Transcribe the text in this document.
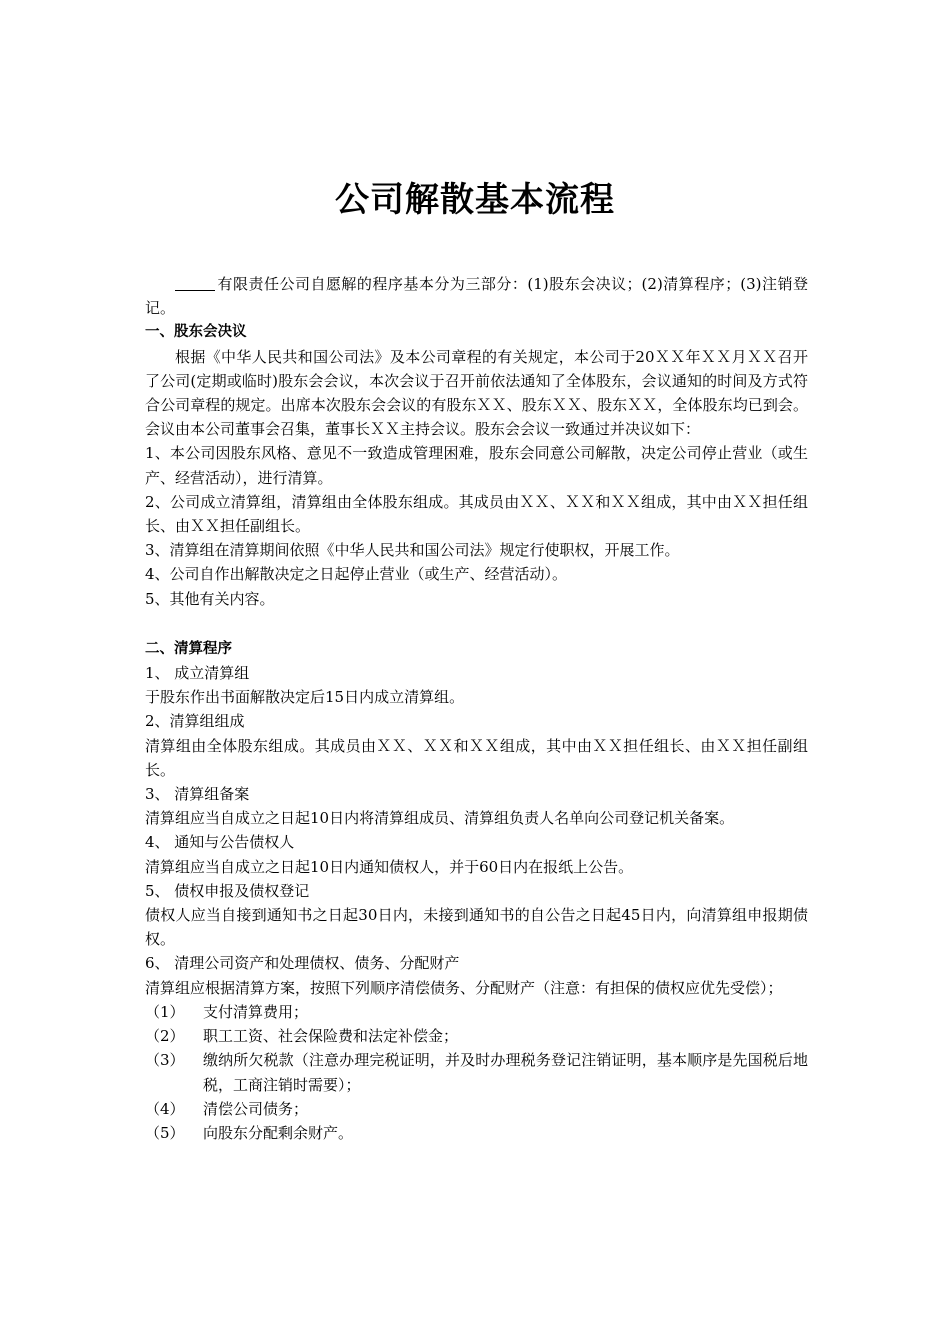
公司解散基本流程

有限责任公司自愿解的程序基本分为三部分：(1)股东会决议；(2)清算程序；(3)注销登记。

一、股东会决议

根据《中华人民共和国公司法》及本公司章程的有关规定，本公司于20ＸＸ年ＸＸ月ＸＸ召开了公司(定期或临时)股东会会议，本次会议于召开前依法通知了全体股东，会议通知的时间及方式符合公司章程的规定。出席本次股东会会议的有股东ＸＸ、股东ＸＸ、股东ＸＸ，全体股东均已到会。会议由本公司董事会召集，董事长ＸＸ主持会议。股东会会议一致通过并决议如下：

1、本公司因股东风格、意见不一致造成管理困难，股东会同意公司解散，决定公司停止营业（或生产、经营活动），进行清算。

2、公司成立清算组，清算组由全体股东组成。其成员由ＸＸ、ＸＸ和ＸＸ组成，其中由ＸＸ担任组长、由ＸＸ担任副组长。

3、清算组在清算期间依照《中华人民共和国公司法》规定行使职权，开展工作。

4、公司自作出解散决定之日起停止营业（或生产、经营活动）。

5、其他有关内容。

二、清算程序

1、 成立清算组

于股东作出书面解散决定后15日内成立清算组。

2、清算组组成

清算组由全体股东组成。其成员由ＸＸ、ＸＸ和ＸＸ组成，其中由ＸＸ担任组长、由ＸＸ担任副组长。

3、 清算组备案

清算组应当自成立之日起10日内将清算组成员、清算组负责人名单向公司登记机关备案。

4、 通知与公告债权人

清算组应当自成立之日起10日内通知债权人，并于60日内在报纸上公告。

5、 债权申报及债权登记

债权人应当自接到通知书之日起30日内，未接到通知书的自公告之日起45日内，向清算组申报期债权。

6、 清理公司资产和处理债权、债务、分配财产

清算组应根据清算方案，按照下列顺序清偿债务、分配财产（注意：有担保的债权应优先受偿）；

（1）	支付清算费用；
（2）	职工工资、社会保险费和法定补偿金；
（3）	缴纳所欠税款（注意办理完税证明，并及时办理税务登记注销证明，基本顺序是先国税后地税，工商注销时需要）；
（4）	清偿公司债务；
（5）	向股东分配剩余财产。
